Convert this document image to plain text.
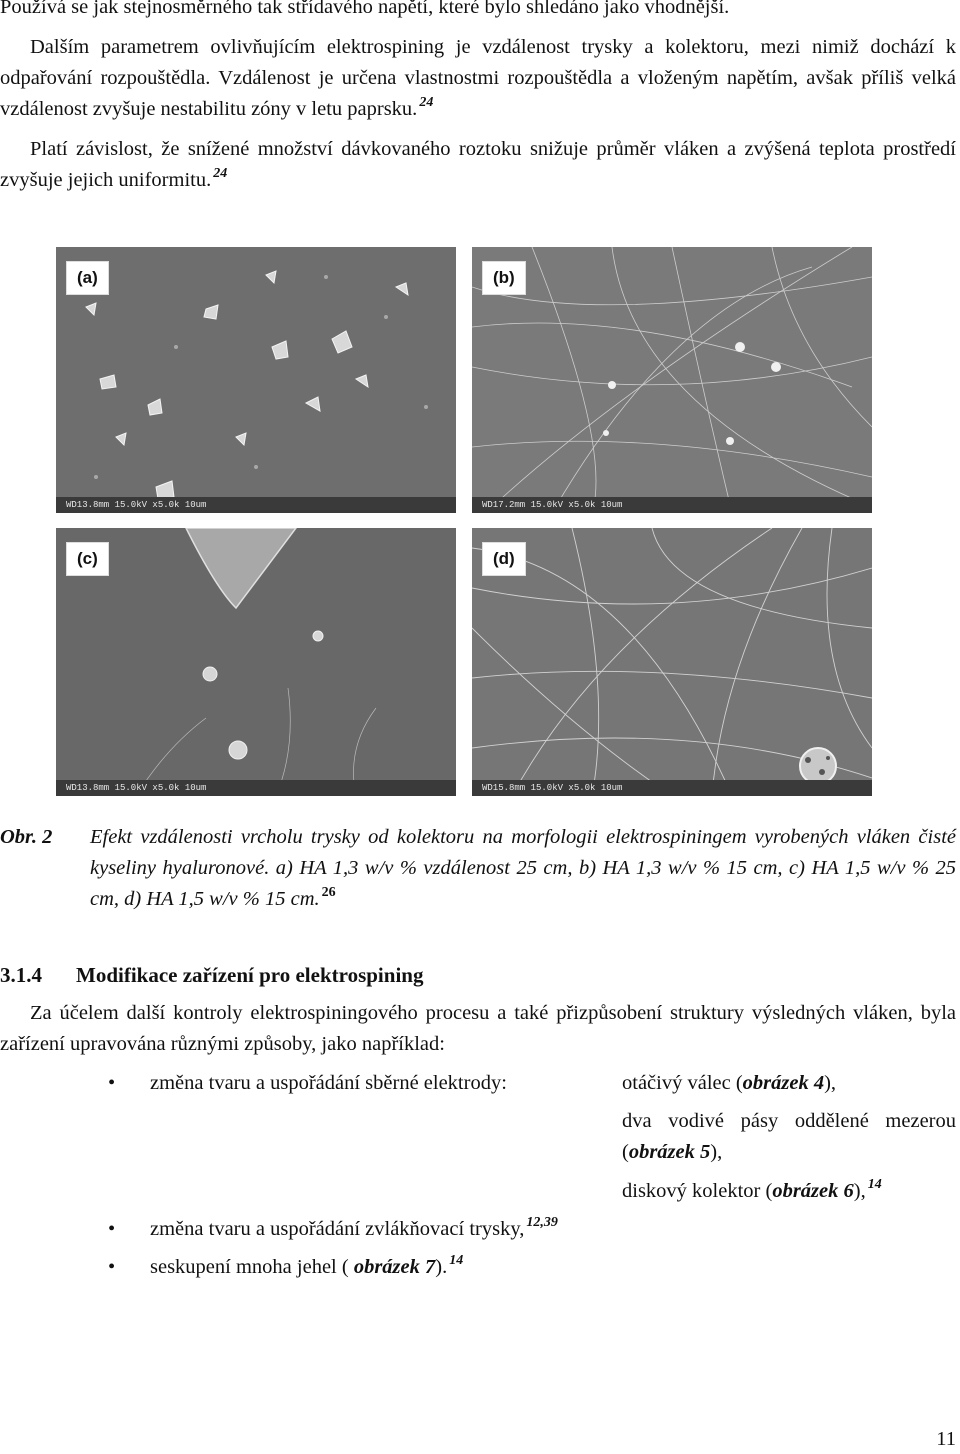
Používá se jak stejnosměrného tak střídavého napětí, které bylo shledáno jako vhodnější.

Dalším parametrem ovlivňujícím elektrospining je vzdálenost trysky a kolektoru, mezi nimiž dochází k odpařování rozpouštědla. Vzdálenost je určena vlastnostmi rozpouštědla a vloženým napětím, avšak příliš velká vzdálenost zvyšuje nestabilitu zóny v letu paprsku. $^{24}$

Platí závislost, že snížené množství dávkovaného roztoku snižuje průměr vláken a zvýšená teplota prostředí zvyšuje jejich uniformitu. $^{24}$

(a)
WD13.8mm 15.0kV x5.0k 10um
(b)
WD17.2mm 15.0kV x5.0k 10um
(c)
WD13.8mm 15.0kV x5.0k 10um
(d)
WD15.8mm 15.0kV x5.0k 10um
Obr. 2 Efekt vzdálenosti vrcholu trysky od kolektoru na morfologii elektrospiningem vyrobených vláken čisté kyseliny hyaluronové. a) HA 1,3 w/v % vzdálenost 25 cm, b) HA 1,3 w/v % 15 cm, c) HA 1,5 w/v % 25 cm, d) HA 1,5 w/v % 15 cm. $^{26}$
3.1.4 Modifikace zařízení pro elektrospining

Za účelem další kontroly elektrospiningového procesu a také přizpůsobení struktury výsledných vláken, byla zařízení upravována různými způsoby, jako například:

• změna tvaru a uspořádání sběrné elektrody:	otáčivý válec (obrázek 4),
dva vodivé pásy oddělené mezerou (obrázek 5),
diskový kolektor (obrázek 6), $^{14}$
• změna tvaru a uspořádání zvlákňovací trysky, $^{12,39}$
• seskupení mnoha jehel ( obrázek 7). $^{14}$
11
